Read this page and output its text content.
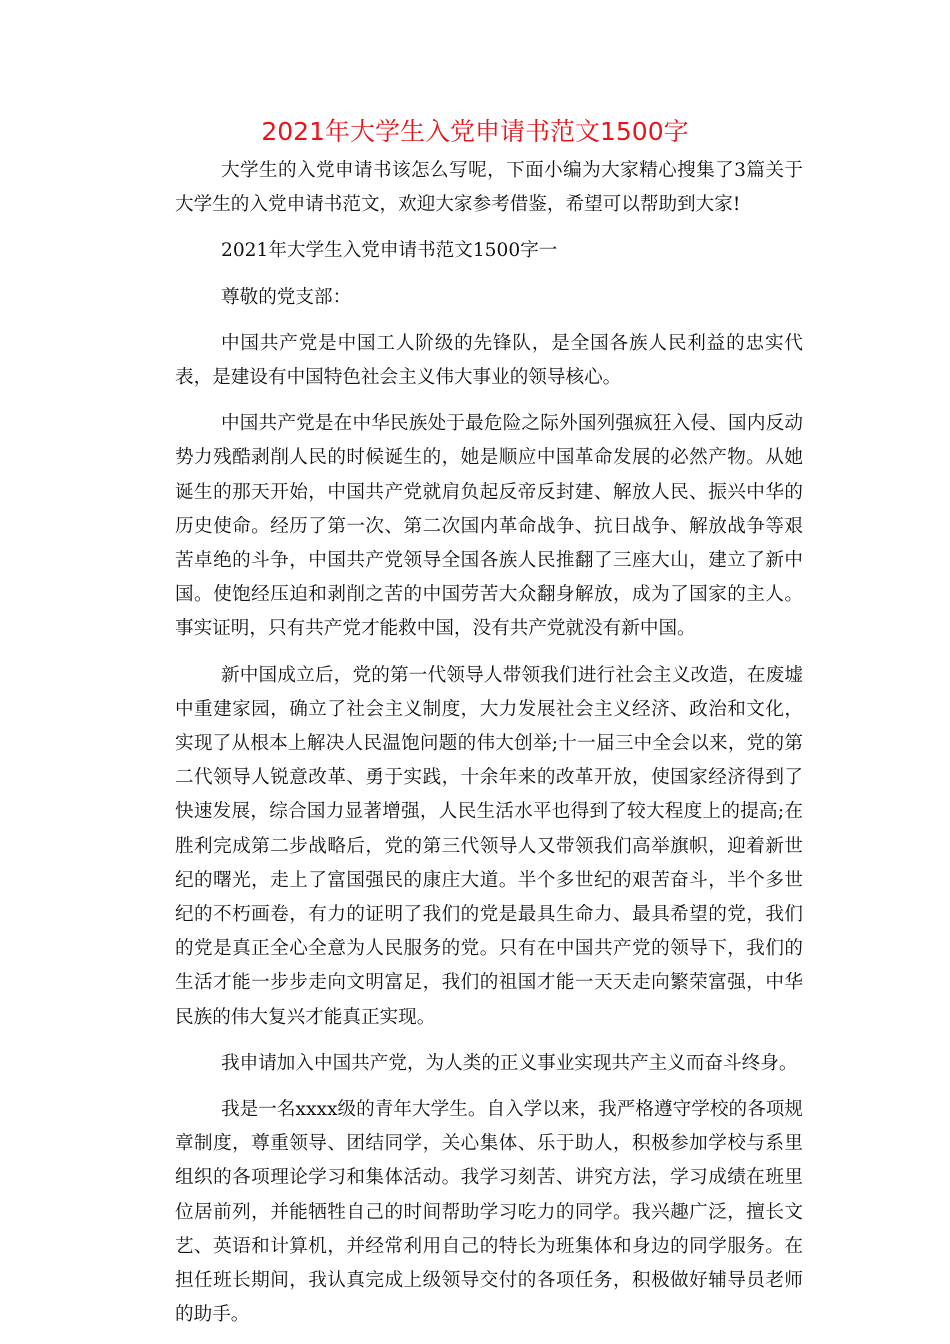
2021年大学生入党申请书范文1500字

大学生的入党申请书该怎么写呢，下面小编为大家精心搜集了3篇关于大学生的入党申请书范文，欢迎大家参考借鉴，希望可以帮助到大家!

2021年大学生入党申请书范文1500字一

尊敬的党支部：

中国共产党是中国工人阶级的先锋队，是全国各族人民利益的忠实代表，是建设有中国特色社会主义伟大事业的领导核心。

中国共产党是在中华民族处于最危险之际外国列强疯狂入侵、国内反动势力残酷剥削人民的时候诞生的，她是顺应中国革命发展的必然产物。从她诞生的那天开始，中国共产党就肩负起反帝反封建、解放人民、振兴中华的历史使命。经历了第一次、第二次国内革命战争、抗日战争、解放战争等艰苦卓绝的斗争，中国共产党领导全国各族人民推翻了三座大山，建立了新中国。使饱经压迫和剥削之苦的中国劳苦大众翻身解放，成为了国家的主人。事实证明，只有共产党才能救中国，没有共产党就没有新中国。

新中国成立后，党的第一代领导人带领我们进行社会主义改造，在废墟中重建家园，确立了社会主义制度，大力发展社会主义经济、政治和文化，实现了从根本上解决人民温饱问题的伟大创举;十一届三中全会以来，党的第二代领导人锐意改革、勇于实践，十余年来的改革开放，使国家经济得到了快速发展，综合国力显著增强，人民生活水平也得到了较大程度上的提高;在胜利完成第二步战略后，党的第三代领导人又带领我们高举旗帜，迎着新世纪的曙光，走上了富国强民的康庄大道。半个多世纪的艰苦奋斗，半个多世纪的不朽画卷，有力的证明了我们的党是最具生命力、最具希望的党，我们的党是真正全心全意为人民服务的党。只有在中国共产党的领导下，我们的生活才能一步步走向文明富足，我们的祖国才能一天天走向繁荣富强，中华民族的伟大复兴才能真正实现。

我申请加入中国共产党，为人类的正义事业实现共产主义而奋斗终身。

我是一名xxxx级的青年大学生。自入学以来，我严格遵守学校的各项规章制度，尊重领导、团结同学，关心集体、乐于助人，积极参加学校与系里组织的各项理论学习和集体活动。我学习刻苦、讲究方法，学习成绩在班里位居前列，并能牺牲自己的时间帮助学习吃力的同学。我兴趣广泛，擅长文艺、英语和计算机，并经常利用自己的特长为班集体和身边的同学服务。在担任班长期间，我认真完成上级领导交付的各项任务，积极做好辅导员老师的助手。
